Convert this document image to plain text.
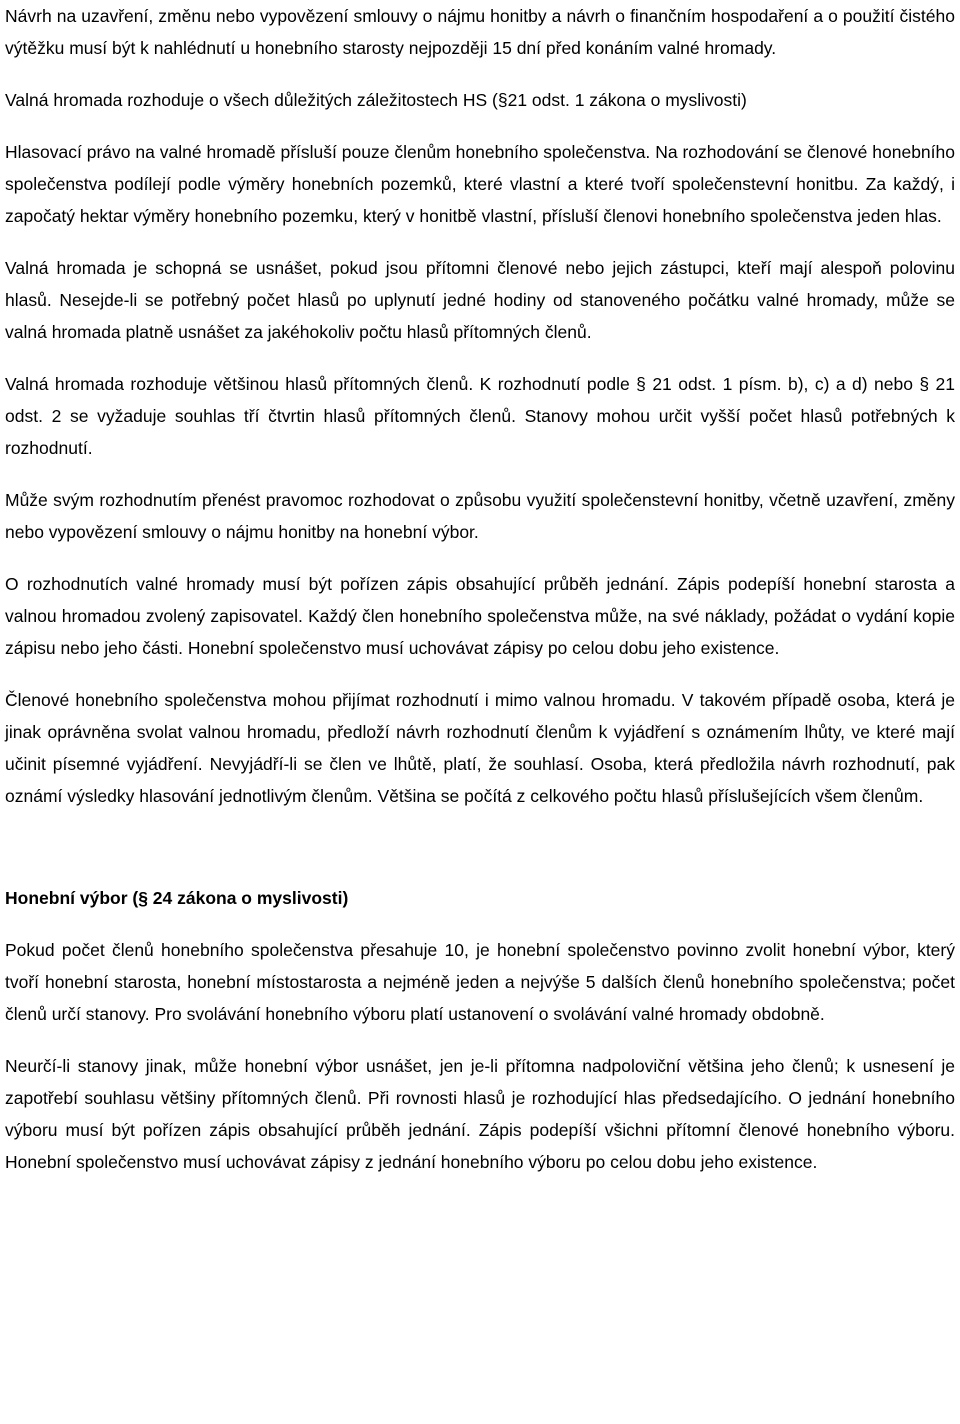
Návrh na uzavření, změnu nebo vypovězení smlouvy o nájmu honitby a návrh o finančním hospodaření a o použití čistého výtěžku musí být k nahlédnutí u honebního starosty nejpozději 15 dní před konáním valné hromady.

Valná hromada rozhoduje o všech důležitých záležitostech HS (§21 odst. 1 zákona o myslivosti)

Hlasovací právo na valné hromadě přísluší pouze členům honebního společenstva. Na rozhodování se členové honebního společenstva podílejí podle výměry honebních pozemků, které vlastní a které tvoří společenstevní honitbu. Za každý, i započatý hektar výměry honebního pozemku, který v honitbě vlastní, přísluší členovi honebního společenstva jeden hlas.

Valná hromada je schopná se usnášet, pokud jsou přítomni členové nebo jejich zástupci, kteří mají alespoň polovinu hlasů. Nesejde-li se potřebný počet hlasů po uplynutí jedné hodiny od stanoveného počátku valné hromady, může se valná hromada platně usnášet za jakéhokoliv počtu hlasů přítomných členů.

Valná hromada rozhoduje většinou hlasů přítomných členů. K rozhodnutí podle § 21 odst. 1 písm. b), c) a d) nebo § 21 odst. 2 se vyžaduje souhlas tří čtvrtin hlasů přítomných členů. Stanovy mohou určit vyšší počet hlasů potřebných k rozhodnutí.

Může svým rozhodnutím přenést pravomoc rozhodovat o způsobu využití společenstevní honitby, včetně uzavření, změny nebo vypovězení smlouvy o nájmu honitby na honební výbor.

O rozhodnutích valné hromady musí být pořízen zápis obsahující průběh jednání. Zápis podepíší honební starosta a valnou hromadou zvolený zapisovatel. Každý člen honebního společenstva může, na své náklady, požádat o vydání kopie zápisu nebo jeho části. Honební společenstvo musí uchovávat zápisy po celou dobu jeho existence.

Členové honebního společenstva mohou přijímat rozhodnutí i mimo valnou hromadu. V takovém případě osoba, která je jinak oprávněna svolat valnou hromadu, předloží návrh rozhodnutí členům k vyjádření s oznámením lhůty, ve které mají učinit písemné vyjádření. Nevyjádří-li se člen ve lhůtě, platí, že souhlasí. Osoba, která předložila návrh rozhodnutí, pak oznámí výsledky hlasování jednotlivým členům. Většina se počítá z celkového počtu hlasů příslušejících všem členům.

Honební výbor (§ 24 zákona o myslivosti)

Pokud počet členů honebního společenstva přesahuje 10, je honební společenstvo povinno zvolit honební výbor, který tvoří honební starosta, honební místostarosta a nejméně jeden a nejvýše 5 dalších členů honebního společenstva; počet členů určí stanovy. Pro svolávání honebního výboru platí ustanovení o svolávání valné hromady obdobně.

Neurčí-li stanovy jinak, může honební výbor usnášet, jen je-li přítomna nadpoloviční většina jeho členů; k usnesení je zapotřebí souhlasu většiny přítomných členů. Při rovnosti hlasů je rozhodující hlas předsedajícího. O jednání honebního výboru musí být pořízen zápis obsahující průběh jednání. Zápis podepíší všichni přítomní členové honebního výboru. Honební společenstvo musí uchovávat zápisy z jednání honebního výboru po celou dobu jeho existence.
